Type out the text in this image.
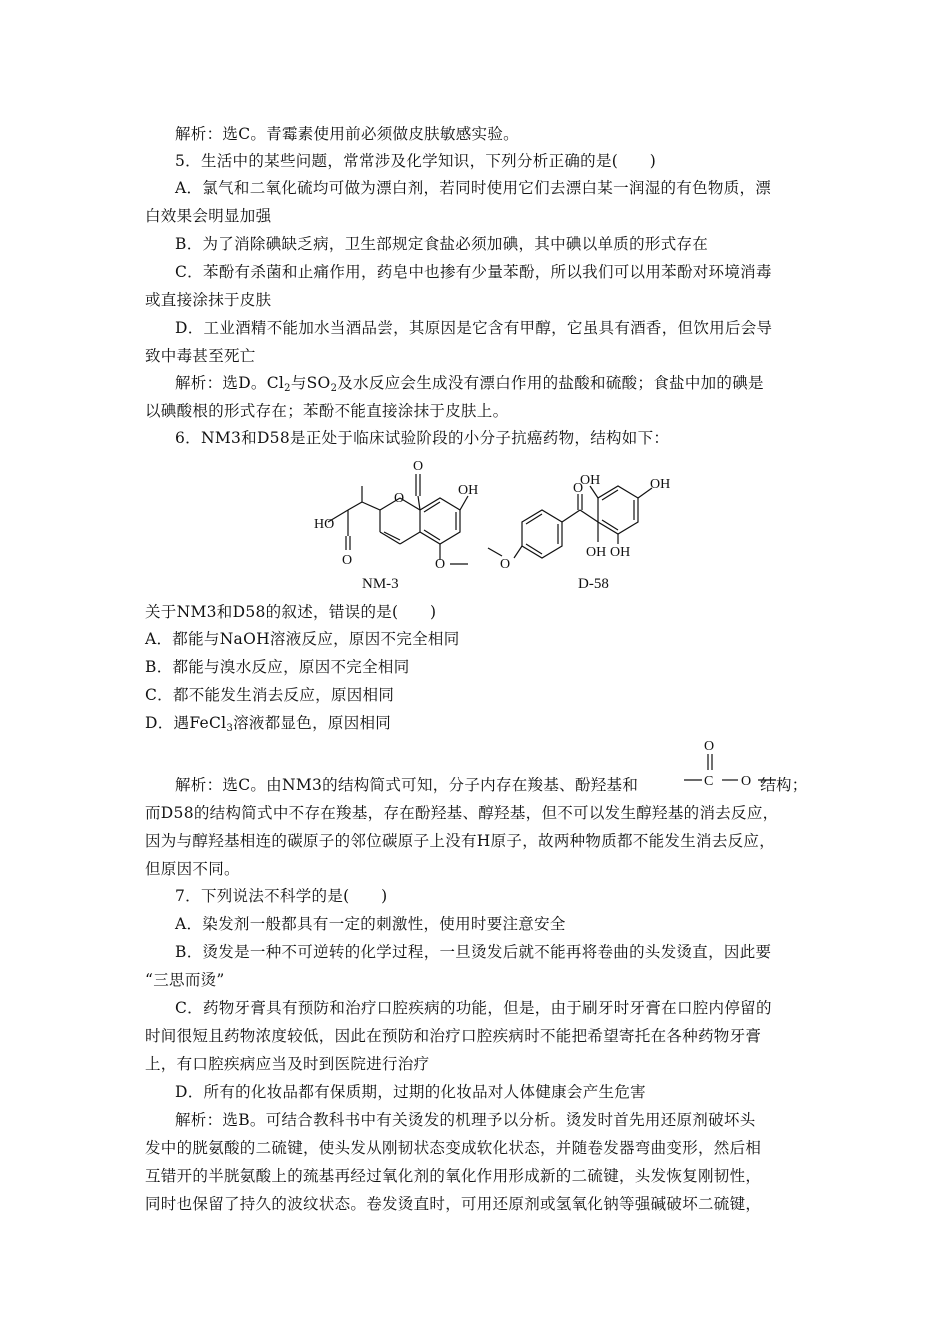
解析：选C。青霉素使用前必须做皮肤敏感实验。
5．生活中的某些问题，常常涉及化学知识，下列分析正确的是(　　)
A．氯气和二氧化硫均可做为漂白剂，若同时使用它们去漂白某一润湿的有色物质，漂
白效果会明显加强
B．为了消除碘缺乏病，卫生部规定食盐必须加碘，其中碘以单质的形式存在
C．苯酚有杀菌和止痛作用，药皂中也掺有少量苯酚，所以我们可以用苯酚对环境消毒
或直接涂抹于皮肤
D．工业酒精不能加水当酒品尝，其原因是它含有甲醇，它虽具有酒香，但饮用后会导
致中毒甚至死亡
解析：选D。$Cl_2$与$SO_2$及水反应会生成没有漂白作用的盐酸和硫酸；食盐中加的碘是
以碘酸根的形式存在；苯酚不能直接涂抹于皮肤上。
6．NM3和D58是正处于临床试验阶段的小分子抗癌药物，结构如下：
HO
O
O
O
OH
O
NM-3
O
O
OH
OH	OH
OH
D-58
关于NM3和D58的叙述，错误的是(　　)
A．都能与NaOH溶液反应，原因不完全相同
B．都能与溴水反应，原因不完全相同
C．都不能发生消去反应，原因相同
D．遇FeCl$_3$溶液都显色，原因相同
O
C O
解析：选C。由NM3的结构简式可知，分子内存在羧基、酚羟基和	结构；
而D58的结构简式中不存在羧基，存在酚羟基、醇羟基，但不可以发生醇羟基的消去反应，
因为与醇羟基相连的碳原子的邻位碳原子上没有H原子，故两种物质都不能发生消去反应，
但原因不同。
7．下列说法不科学的是(　　)
A．染发剂一般都具有一定的刺激性，使用时要注意安全
B．烫发是一种不可逆转的化学过程，一旦烫发后就不能再将卷曲的头发烫直，因此要
“三思而烫”
C．药物牙膏具有预防和治疗口腔疾病的功能，但是，由于刷牙时牙膏在口腔内停留的
时间很短且药物浓度较低，因此在预防和治疗口腔疾病时不能把希望寄托在各种药物牙膏
上，有口腔疾病应当及时到医院进行治疗
D．所有的化妆品都有保质期，过期的化妆品对人体健康会产生危害
解析：选B。可结合教科书中有关烫发的机理予以分析。烫发时首先用还原剂破坏头
发中的胱氨酸的二硫键，使头发从刚韧状态变成软化状态，并随卷发器弯曲变形，然后相
互错开的半胱氨酸上的巯基再经过氧化剂的氧化作用形成新的二硫键，头发恢复刚韧性，
同时也保留了持久的波纹状态。卷发烫直时，可用还原剂或氢氧化钠等强碱破坏二硫键，
